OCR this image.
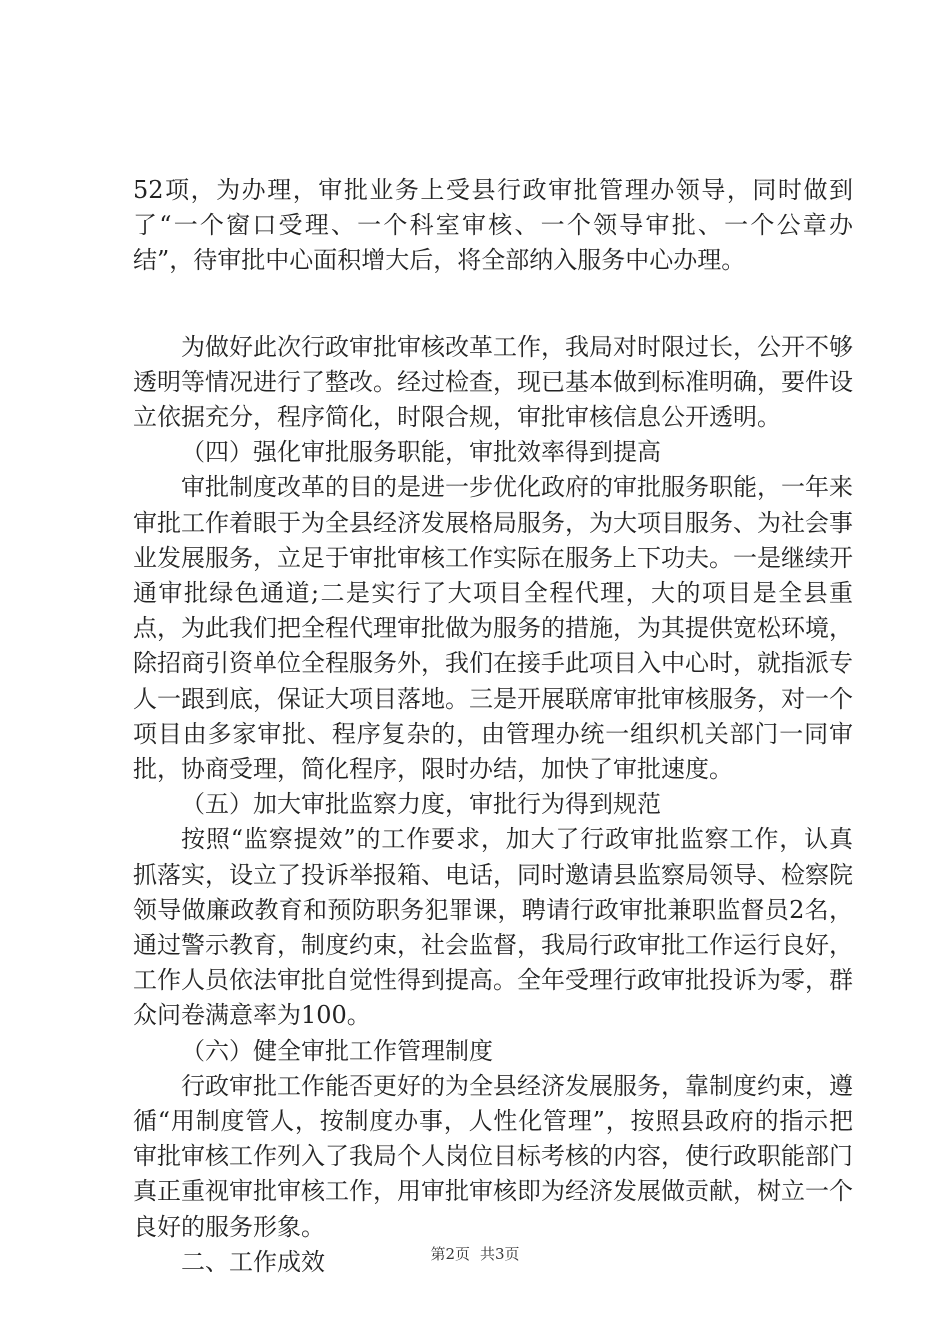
52项，为办理，审批业务上受县行政审批管理办领导，同时做到了“一个窗口受理、一个科室审核、一个领导审批、一个公章办结”，待审批中心面积增大后，将全部纳入服务中心办理。

为做好此次行政审批审核改革工作，我局对时限过长，公开不够透明等情况进行了整改。经过检查，现已基本做到标准明确，要件设立依据充分，程序简化，时限合规，审批审核信息公开透明。

（四）强化审批服务职能，审批效率得到提高

审批制度改革的目的是进一步优化政府的审批服务职能，一年来审批工作着眼于为全县经济发展格局服务，为大项目服务、为社会事业发展服务，立足于审批审核工作实际在服务上下功夫。一是继续开通审批绿色通道;二是实行了大项目全程代理，大的项目是全县重点，为此我们把全程代理审批做为服务的措施，为其提供宽松环境，除招商引资单位全程服务外，我们在接手此项目入中心时，就指派专人一跟到底，保证大项目落地。三是开展联席审批审核服务，对一个项目由多家审批、程序复杂的，由管理办统一组织机关部门一同审批，协商受理，简化程序，限时办结，加快了审批速度。

（五）加大审批监察力度，审批行为得到规范

按照“监察提效”的工作要求，加大了行政审批监察工作，认真抓落实，设立了投诉举报箱、电话，同时邀请县监察局领导、检察院领导做廉政教育和预防职务犯罪课，聘请行政审批兼职监督员2名，通过警示教育，制度约束，社会监督，我局行政审批工作运行良好，工作人员依法审批自觉性得到提高。全年受理行政审批投诉为零，群众问卷满意率为100。

（六）健全审批工作管理制度

行政审批工作能否更好的为全县经济发展服务，靠制度约束，遵循“用制度管人，按制度办事，人性化管理”，按照县政府的指示把审批审核工作列入了我局个人岗位目标考核的内容，使行政职能部门真正重视审批审核工作，用审批审核即为经济发展做贡献，树立一个良好的服务形象。

二、工作成效	第2页 共3页
